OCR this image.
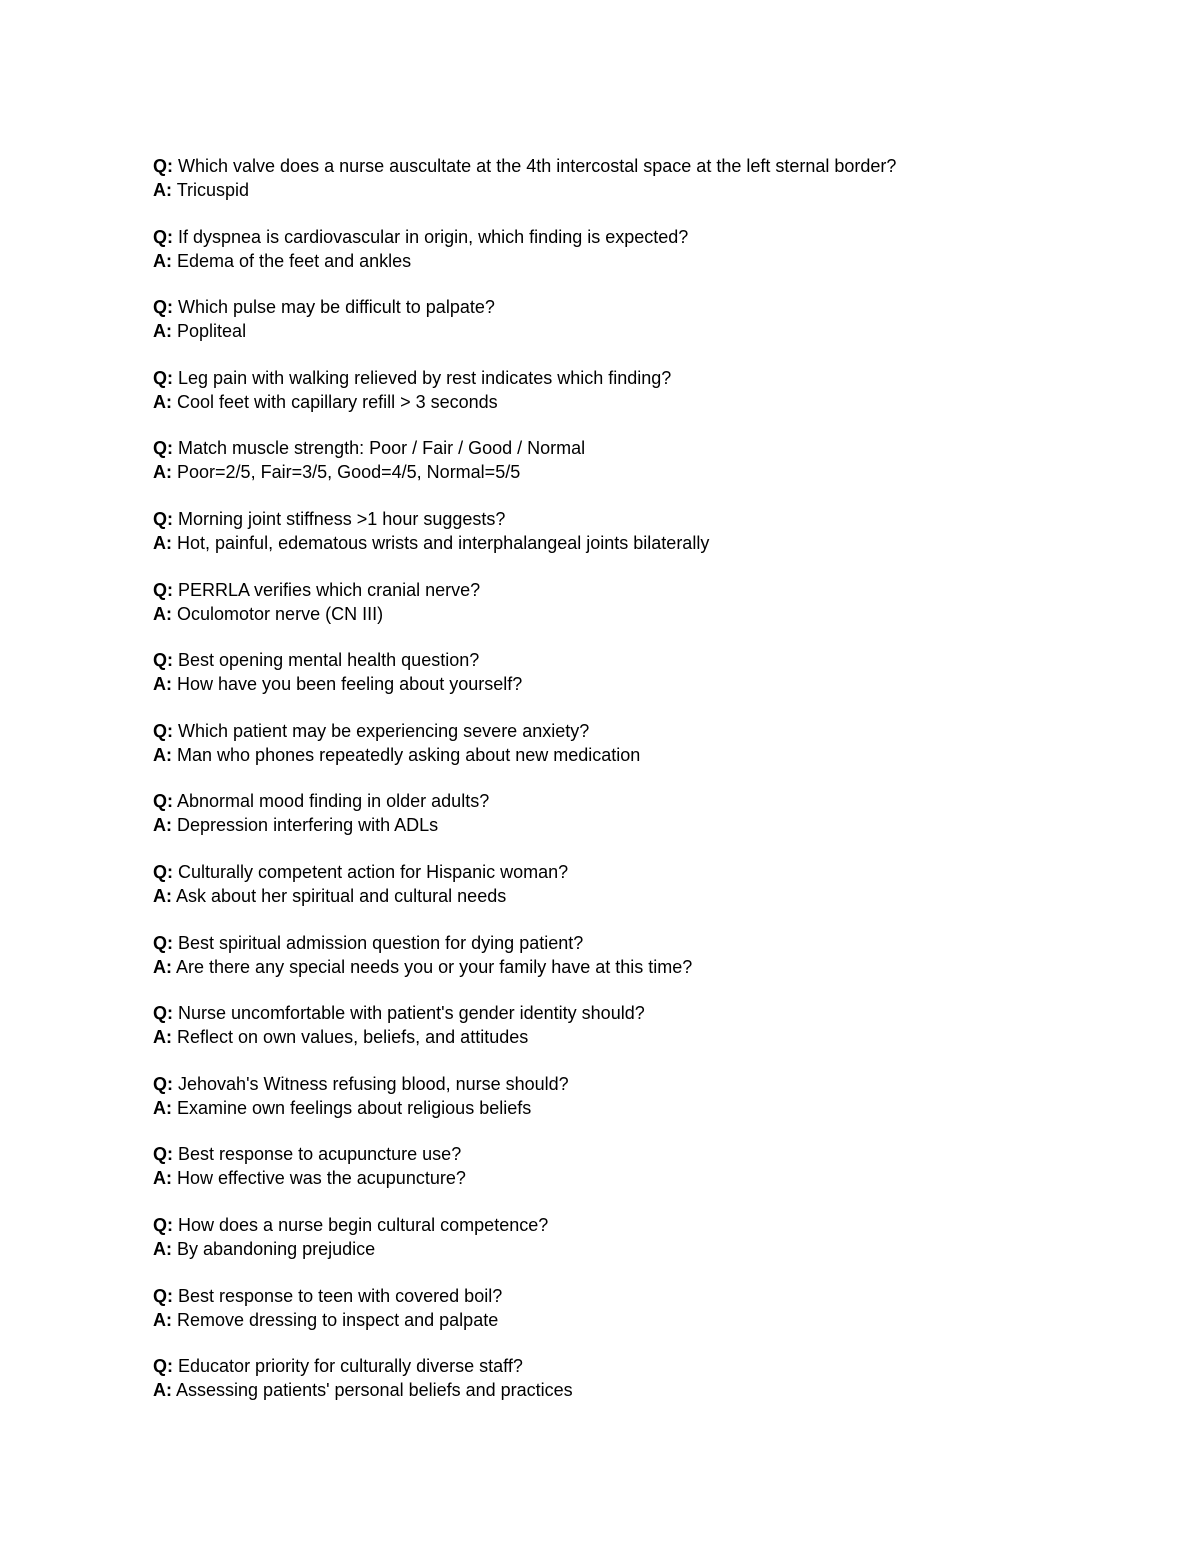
Q: Which valve does a nurse auscultate at the 4th intercostal space at the left sternal border?
A: Tricuspid
Q: If dyspnea is cardiovascular in origin, which finding is expected?
A: Edema of the feet and ankles
Q: Which pulse may be difficult to palpate?
A: Popliteal
Q: Leg pain with walking relieved by rest indicates which finding?
A: Cool feet with capillary refill > 3 seconds
Q: Match muscle strength: Poor / Fair / Good / Normal
A: Poor=2/5, Fair=3/5, Good=4/5, Normal=5/5
Q: Morning joint stiffness >1 hour suggests?
A: Hot, painful, edematous wrists and interphalangeal joints bilaterally
Q: PERRLA verifies which cranial nerve?
A: Oculomotor nerve (CN III)
Q: Best opening mental health question?
A: How have you been feeling about yourself?
Q: Which patient may be experiencing severe anxiety?
A: Man who phones repeatedly asking about new medication
Q: Abnormal mood finding in older adults?
A: Depression interfering with ADLs
Q: Culturally competent action for Hispanic woman?
A: Ask about her spiritual and cultural needs
Q: Best spiritual admission question for dying patient?
A: Are there any special needs you or your family have at this time?
Q: Nurse uncomfortable with patient's gender identity should?
A: Reflect on own values, beliefs, and attitudes
Q: Jehovah's Witness refusing blood, nurse should?
A: Examine own feelings about religious beliefs
Q: Best response to acupuncture use?
A: How effective was the acupuncture?
Q: How does a nurse begin cultural competence?
A: By abandoning prejudice
Q: Best response to teen with covered boil?
A: Remove dressing to inspect and palpate
Q: Educator priority for culturally diverse staff?
A: Assessing patients' personal beliefs and practices
